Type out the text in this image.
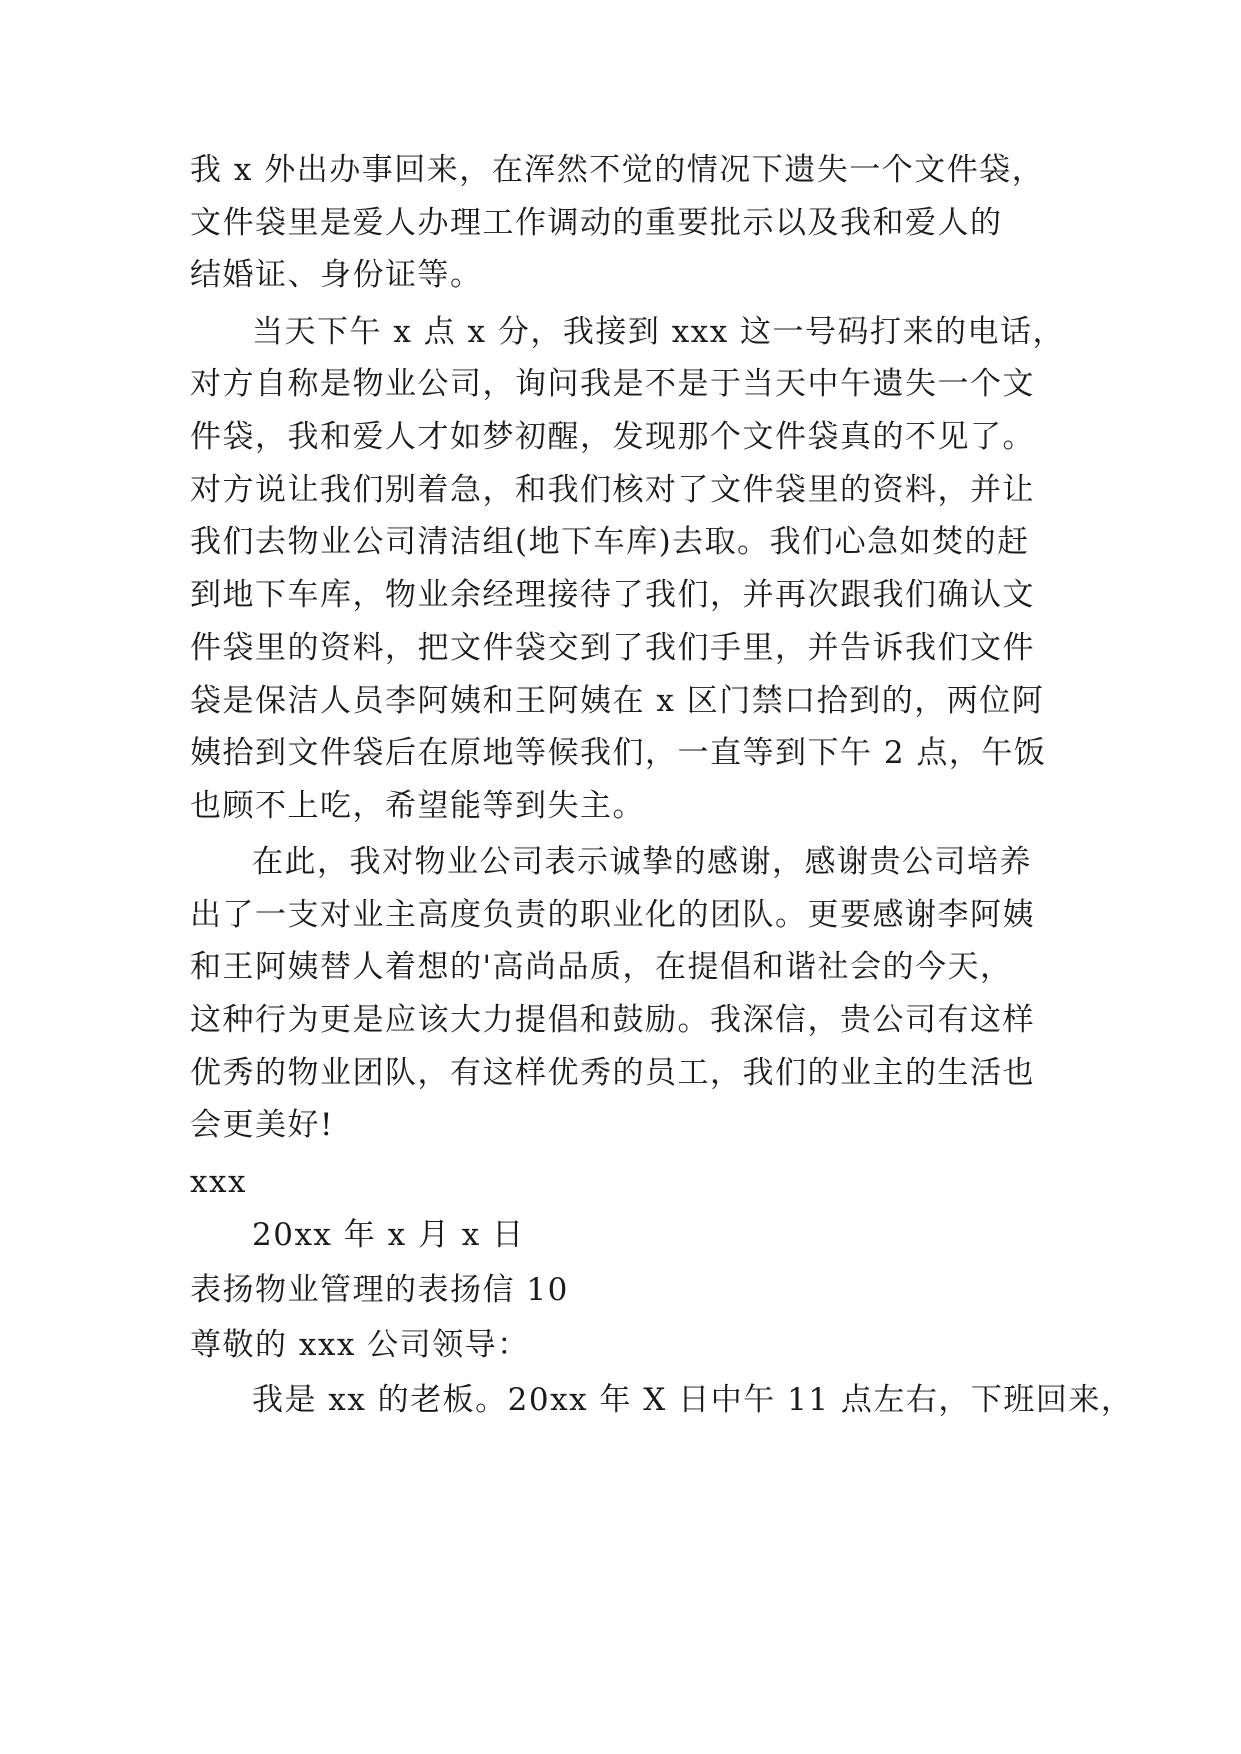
我 x 外出办事回来，在浑然不觉的情况下遗失一个文件袋，
文件袋里是爱人办理工作调动的重要批示以及我和爱人的
结婚证、身份证等。
当天下午 x 点 x 分，我接到 xxx 这一号码打来的电话，
对方自称是物业公司，询问我是不是于当天中午遗失一个文
件袋，我和爱人才如梦初醒，发现那个文件袋真的不见了。
对方说让我们别着急，和我们核对了文件袋里的资料，并让
我们去物业公司清洁组(地下车库)去取。我们心急如焚的赶
到地下车库，物业余经理接待了我们，并再次跟我们确认文
件袋里的资料，把文件袋交到了我们手里，并告诉我们文件
袋是保洁人员李阿姨和王阿姨在 x 区门禁口拾到的，两位阿
姨拾到文件袋后在原地等候我们，一直等到下午 2 点，午饭
也顾不上吃，希望能等到失主。
在此，我对物业公司表示诚挚的感谢，感谢贵公司培养
出了一支对业主高度负责的职业化的团队。更要感谢李阿姨
和王阿姨替人着想的'高尚品质，在提倡和谐社会的今天，
这种行为更是应该大力提倡和鼓励。我深信，贵公司有这样
优秀的物业团队，有这样优秀的员工，我们的业主的生活也
会更美好!
xxx
20xx 年 x 月 x 日
表扬物业管理的表扬信 10
尊敬的 xxx 公司领导：
我是 xx 的老板。20xx 年 X 日中午 11 点左右，下班回来，
